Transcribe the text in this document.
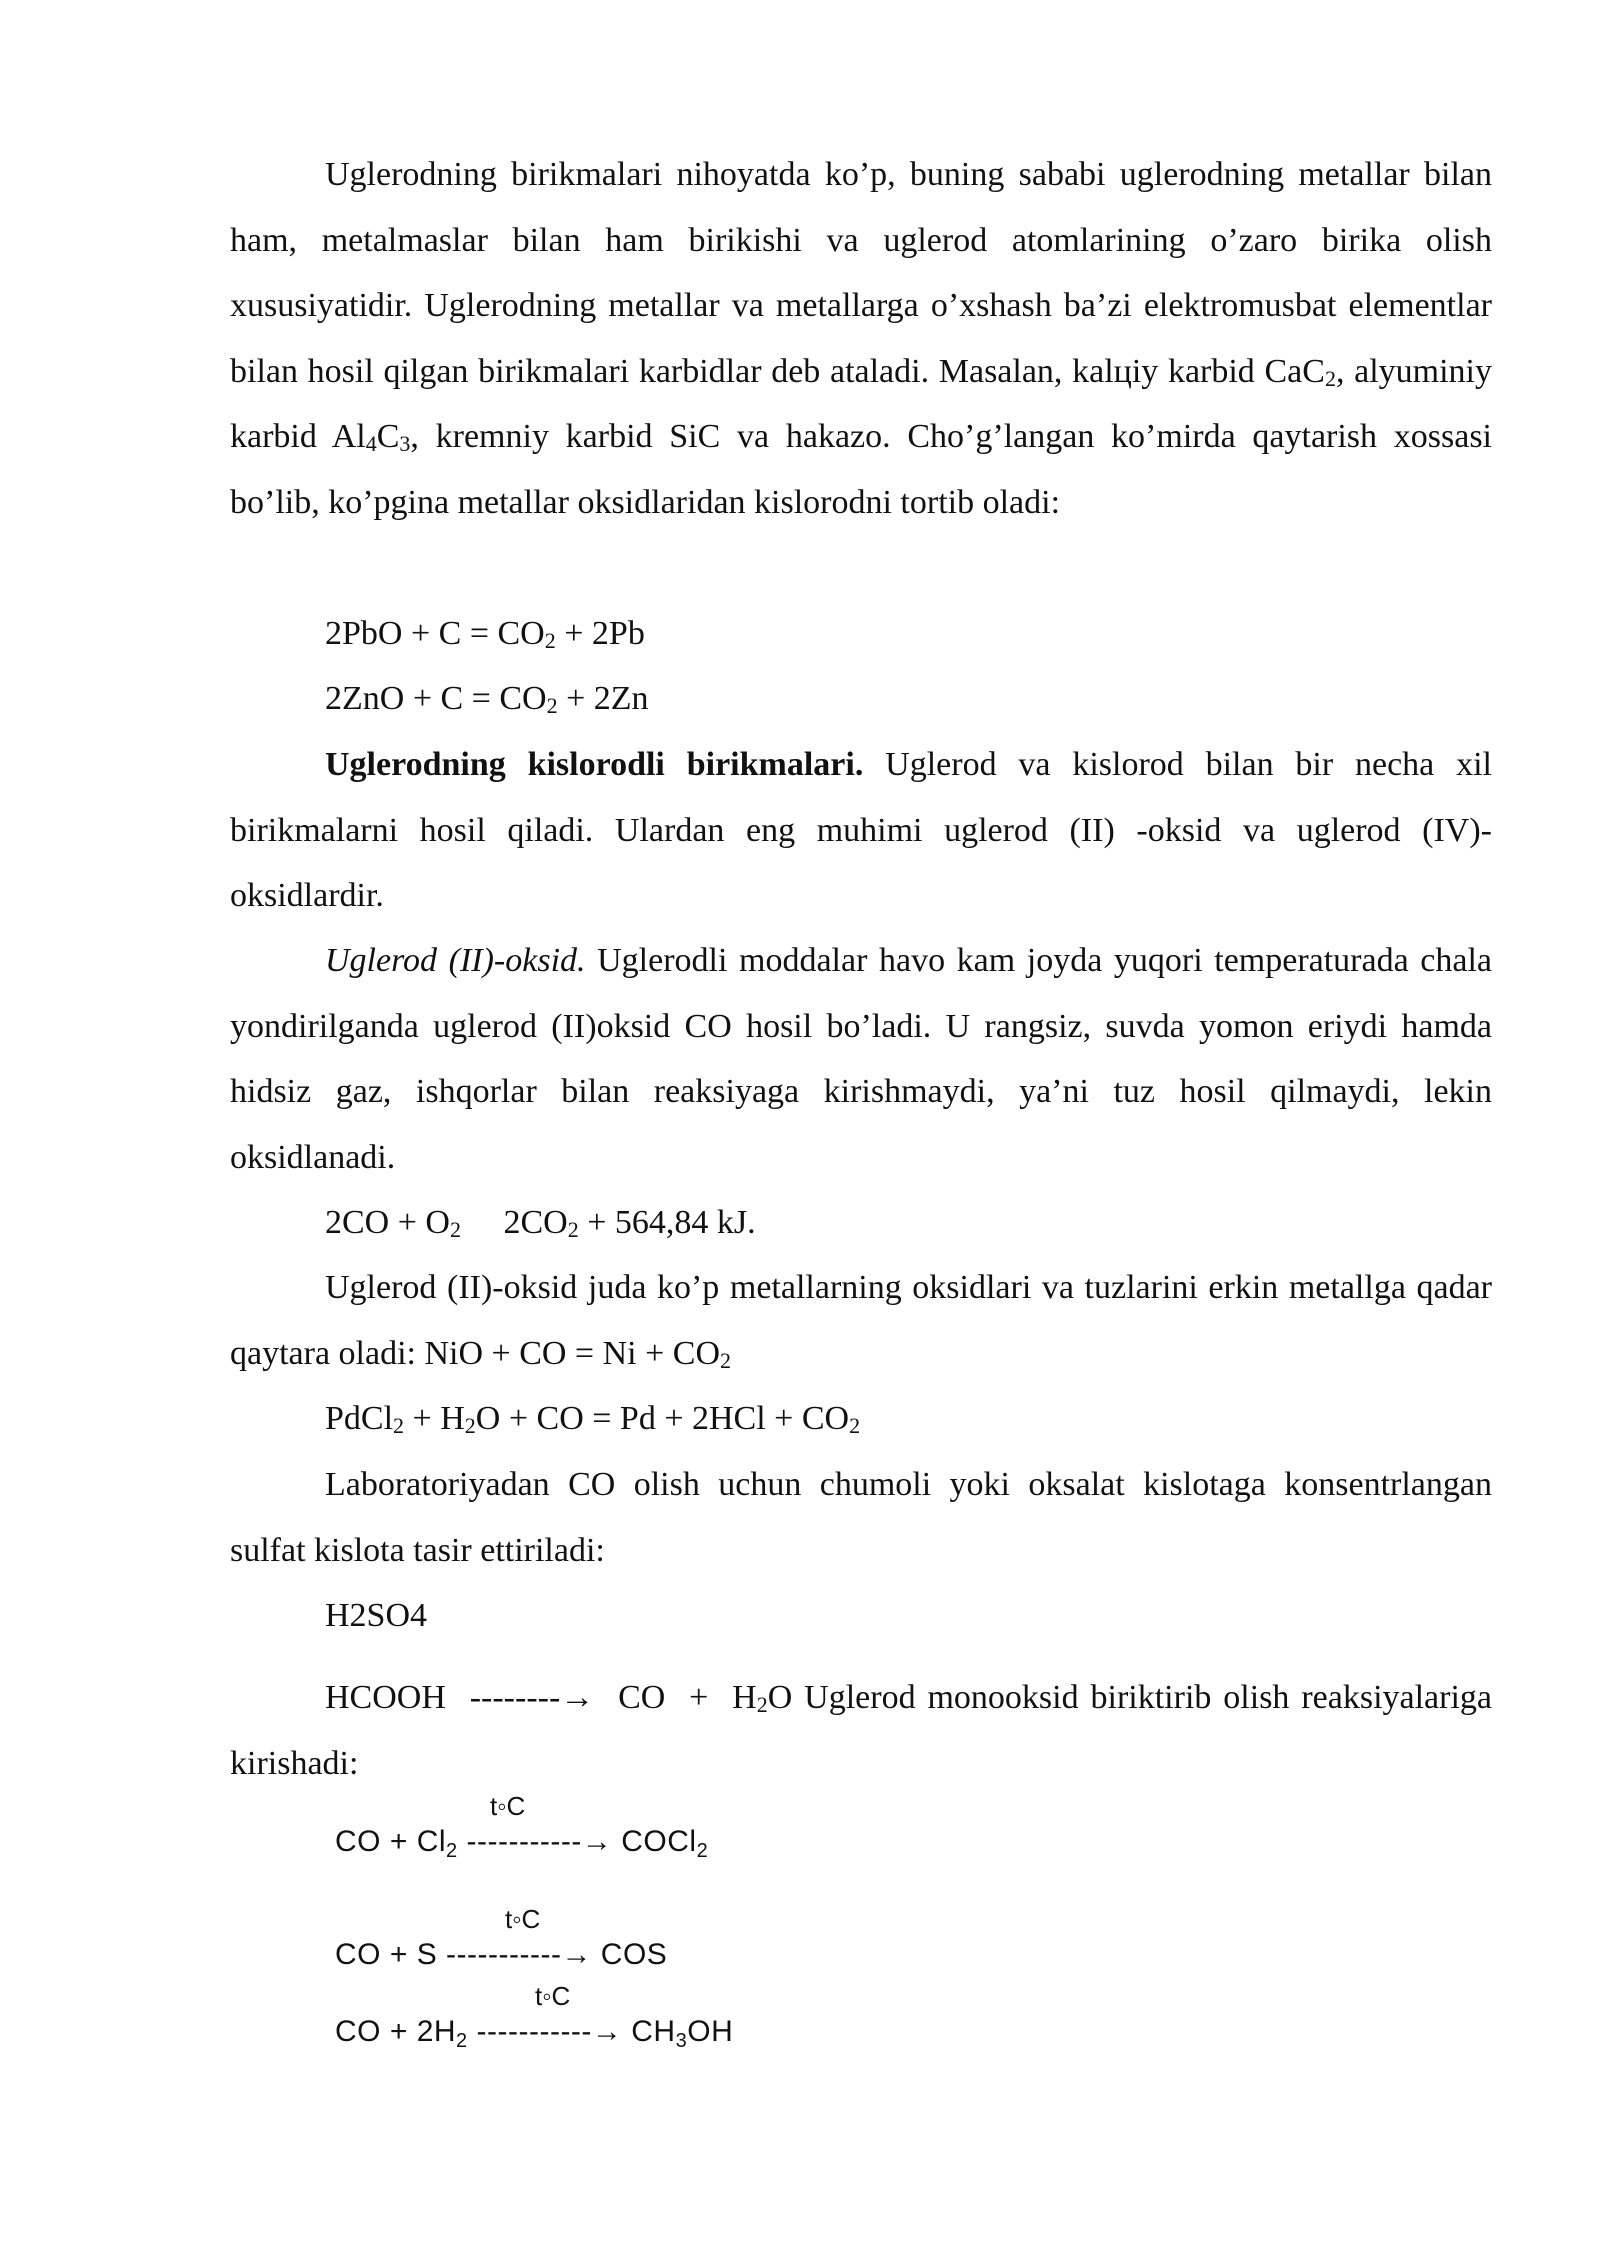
Uglerodning birikmalari nihoyatda ko’p, buning sababi uglerodning metallar bilan ham, metalmaslar bilan ham birikishi va uglerod atomlarining o’zaro birika olish xususiyatidir. Uglerodning metallar va metallarga o’xshash ba’zi elektromusbat elementlar bilan hosil qilgan birikmalari karbidlar deb ataladi. Masalan, kalцiy karbid CaC$_2$, alyuminiy karbid $Al_4C_3$, kremniy karbid SiC va hakazo. Cho’g’langan ko’mirda qaytarish xossasi bo’lib, ko’pgina metallar oksidlaridan kislorodni tortib oladi:

$2PbO + C = CO_2 + 2Pb$

$2ZnO + C = CO_2 + 2Zn$

Uglerodning kislorodli birikmalari. Uglerod va kislorod bilan bir necha xil birikmalarni hosil qiladi. Ulardan eng muhimi uglerod (II) -oksid va uglerod (IV)-oksidlardir.

Uglerod (II)-oksid. Uglerodli moddalar havo kam joyda yuqori temperaturada chala yondirilganda uglerod (II)oksid CO hosil bo’ladi. U rangsiz, suvda yomon eriydi hamda hidsiz gaz, ishqorlar bilan reaksiyaga kirishmaydi, ya’ni tuz hosil qilmaydi, lekin oksidlanadi.

$2CO + O_2$ $2CO_2 + 564,84$ kJ.

Uglerod (II)-oksid juda ko’p metallarning oksidlari va tuzlarini erkin metallga qadar qaytara oladi: NiO + CO = $Ni + CO_2$

PdCl$_2$ + $H_2O$ + CO = $Pd + 2HCl + CO_2$

Laboratoriyadan CO olish uchun chumoli yoki oksalat kislotaga konsentrlangan sulfat kislota tasir ettiriladi:

H2SO4

HCOOH  --------→  CO  +  $H_2O$ Uglerod monooksid biriktirib olish reaksiyalariga kirishadi:

t◦C
CO + $Cl_2$ -----------→ COCl$_2$
t◦C
CO + S -----------→ COS
t◦C
CO + $2H_2$ -----------→ $CH_3OH$
